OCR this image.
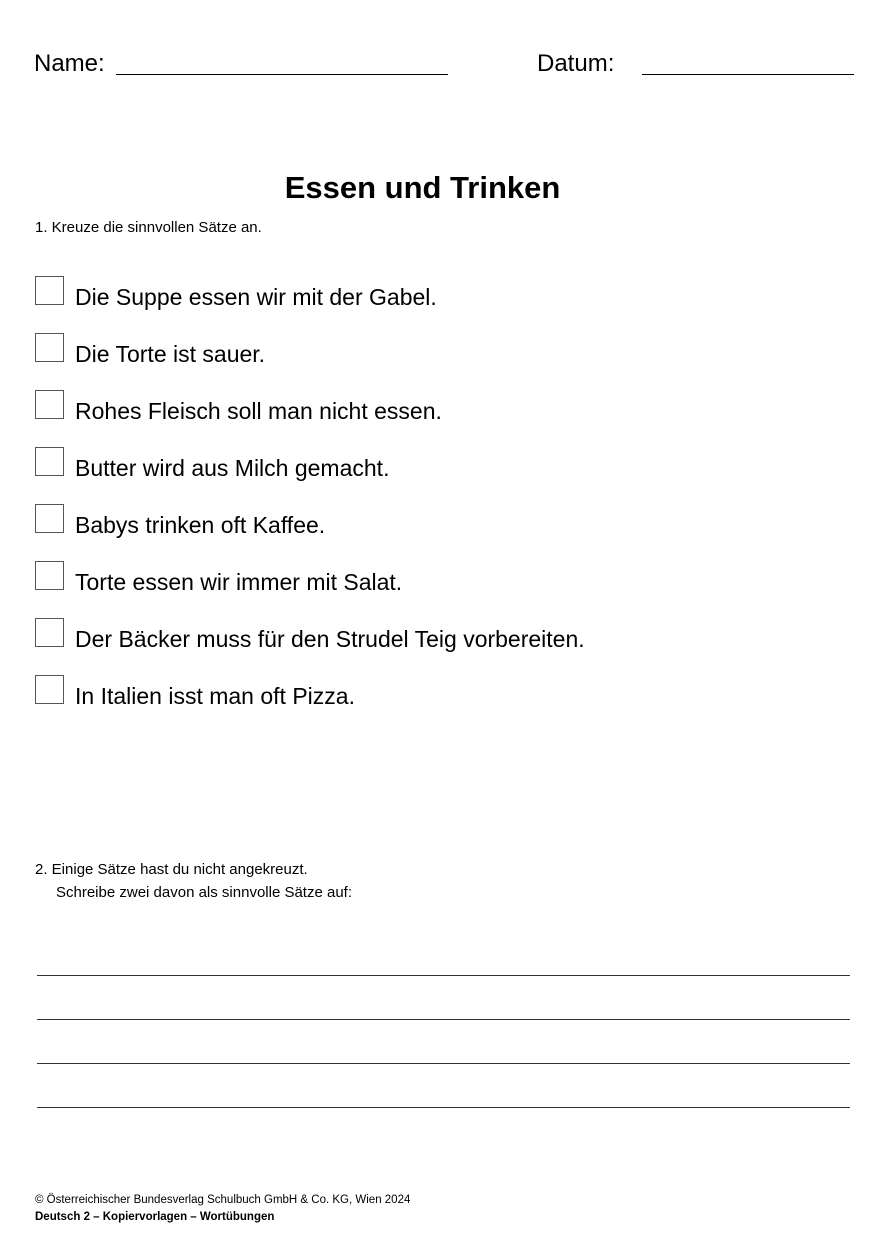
Name:	Datum:
Essen und Trinken
1. Kreuze die sinnvollen Sätze an.
Die Suppe essen wir mit der Gabel.
Die Torte ist sauer.
Rohes Fleisch soll man nicht essen.
Butter wird aus Milch gemacht.
Babys trinken oft Kaffee.
Torte essen wir immer mit Salat.
Der Bäcker muss für den Strudel Teig vorbereiten.
In Italien isst man oft Pizza.
2. Einige Sätze hast du nicht angekreuzt.
Schreibe zwei davon als sinnvolle Sätze auf:
© Österreichischer Bundesverlag Schulbuch GmbH & Co. KG, Wien 2024
Deutsch 2 – Kopiervorlagen – Wortübungen
